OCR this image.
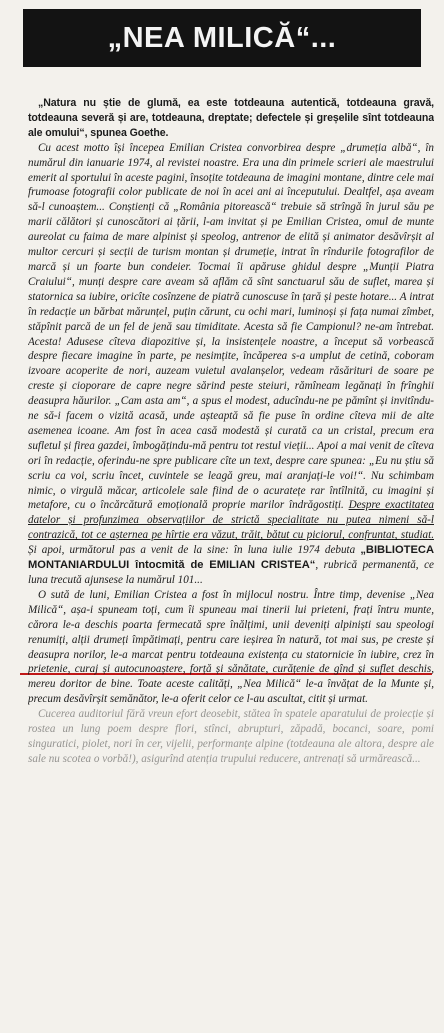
„NEA MILICĂ“...

„Natura nu știe de glumă, ea este totdeauna autentică, totdeauna gravă, totdeauna severă și are, totdeauna, dreptate; defectele și greșelile sînt totdeauna ale omului“, spunea Goethe.

Cu acest motto își începea Emilian Cristea convorbirea despre „drumeția albă“, în numărul din ianuarie 1974, al revistei noastre. Era una din primele scrieri ale maestrului emerit al sportului în aceste pagini, însoțite totdeauna de imagini montane, dintre cele mai frumoase fotografii color publicate de noi în acei ani ai începutului. Dealtfel, așa aveam să-l cunoaștem... Conștienți că „România pitorească“ trebuie să strîngă în jurul său pe marii călători și cunoscători ai țării, l-am invitat și pe Emilian Cristea, omul de munte aureolat cu faima de mare alpinist și speolog, antrenor de elită și animator desăvîrșit al multor cercuri și secții de turism montan și drumeție, intrat în rîndurile fotografilor de marcă și un foarte bun condeier. Tocmai îi apăruse ghidul despre „Munții Piatra Craiului“, munți despre care aveam să aflăm că sînt sanctuarul său de suflet, marea și statornica sa iubire, oricîte cosînzene de piatră cunoscuse în țară și peste hotare... A intrat în redacție un bărbat mărunțel, puțin cărunt, cu ochi mari, luminoși și fața numai zîmbet, stăpînit parcă de un fel de jenă sau timiditate. Acesta să fie Campionul? ne-am întrebat. Acesta! Adusese cîteva diapozitive și, la insistențele noastre, a început să vorbească despre fiecare imagine în parte, pe nesimțite, încăperea s-a umplut de cetină, coboram izvoare acoperite de nori, auzeam vuietul avalanșelor, vedeam răsărituri de soare pe creste și cioporare de capre negre sărind peste steiuri, rămîneam legănați în frînghii deasupra hăurilor. „Cam asta am“, a spus el modest, aducîndu-ne pe pămînt și invitîndu-ne să-i facem o vizită acasă, unde așteaptă să fie puse în ordine cîteva mii de alte asemenea icoane. Am fost în acea casă modestă și curată ca un cristal, precum era sufletul și firea gazdei, îmbogățindu-mă pentru tot restul vieții... Apoi a mai venit de cîteva ori în redacție, oferindu-ne spre publicare cîte un text, despre care spunea: „Eu nu știu să scriu ca voi, scriu încet, cuvintele se leagă greu, mai aranjați-le voi!“. Nu schimbam nimic, o virgulă măcar, articolele sale fiind de o acuratețe rar întîlnită, cu imagini și metafore, cu o încărcătură emoțională proprie marilor îndrăgostiți. Despre exactitatea datelor și profunzimea observațiilor de strictă specialitate nu putea nimeni să-l contrazică, tot ce așternea pe hîrtie era văzut, trăit, bătut cu piciorul, confruntat, studiat. Și apoi, următorul pas a venit de la sine: în luna iulie 1974 debuta „BIBLIOTECA MONTANIARDULUI întocmită de EMILIAN CRISTEA“, rubrică permanentă, ce luna trecută ajunsese la numărul 101...

O sută de luni, Emilian Cristea a fost în mijlocul nostru. Între timp, devenise „Nea Milică“, așa-i spuneam toți, cum îi spuneau mai tinerii lui prieteni, frați întru munte, cărora le-a deschis poarta fermecată spre înălțimi, unii deveniți alpiniști sau speologi renumiți, alții drumeți împătimați, pentru care ieșirea în natură, tot mai sus, pe creste și deasupra norilor, le-a marcat pentru totdeauna existența cu statornicie în iubire, crez în prietenie, curaj și autocunoaștere, forță și sănătate, curățenie de gînd și suflet deschis, mereu doritor de bine. Toate aceste calități, „Nea Milică“ le-a învățat de la Munte și, precum desăvîrșit semănător, le-a oferit celor ce l-au ascultat, citit și urmat.

Cucerea auditoriul fără vreun efort deosebit, stătea în spatele aparatului de proiecție și rostea un lung poem despre flori, stînci, abrupturi, zăpadă, bocanci, soare, pomi singuratici, piolet, nori în cer, vijelii, performanțe alpine (totdeauna ale altora, despre ale sale nu scotea o vorbă!), asigurînd atenția trupului reducere, antrenați să urmărească...
